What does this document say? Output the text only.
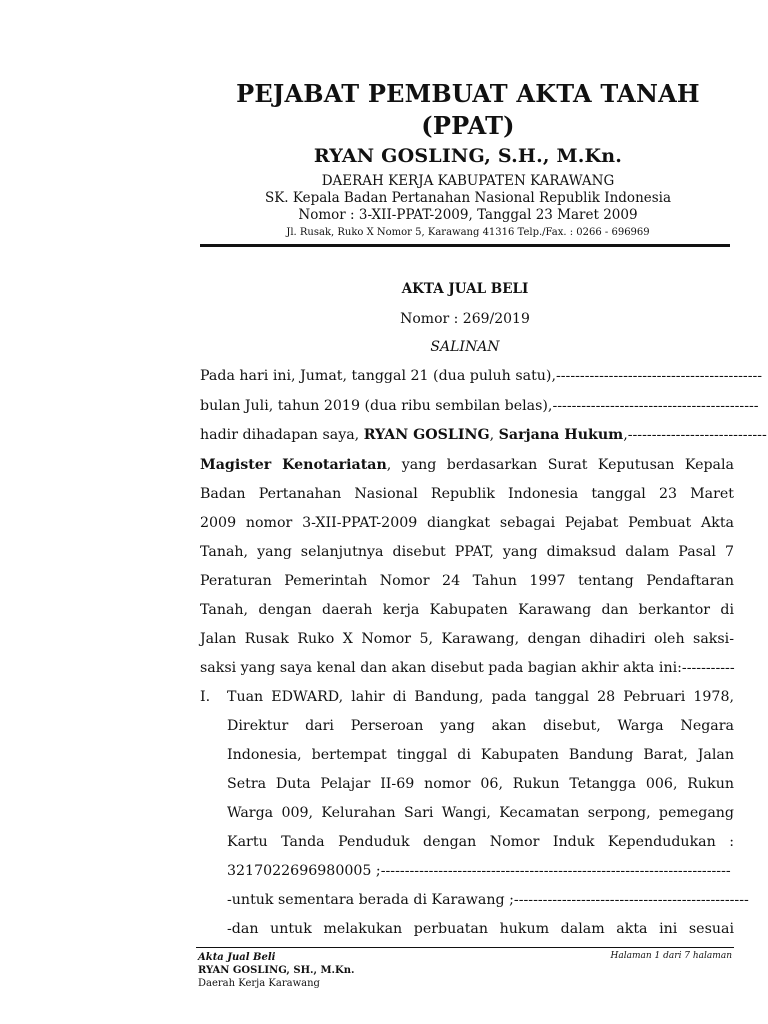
PEJABAT PEMBUAT AKTA TANAH
(PPAT)
RYAN GOSLING, S.H., M.Kn.
DAERAH KERJA KABUPATEN KARAWANG
SK. Kepala Badan Pertanahan Nasional Republik Indonesia
Nomor : 3-XII-PPAT-2009, Tanggal 23 Maret 2009
Jl. Rusak, Ruko X Nomor 5, Karawang 41316 Telp./Fax. : 0266 - 696969
AKTA JUAL BELI
Nomor : 269/2019
SALINAN
Pada hari ini, Jumat, tanggal 21 (dua puluh satu), -------------------------------------------
bulan Juli, tahun 2019 (dua ribu sembilan belas), -------------------------------------------
hadir dihadapan saya, RYAN GOSLING, Sarjana Hukum, -----------------------------
Magister Kenotariatan, yang berdasarkan Surat Keputusan Kepala
Badan Pertanahan Nasional Republik Indonesia tanggal 23 Maret
2009 nomor 3-XII-PPAT-2009 diangkat sebagai Pejabat Pembuat Akta
Tanah, yang selanjutnya disebut PPAT, yang dimaksud dalam Pasal 7
Peraturan Pemerintah Nomor 24 Tahun 1997 tentang Pendaftaran
Tanah, dengan daerah kerja Kabupaten Karawang dan berkantor di
Jalan Rusak Ruko X Nomor 5, Karawang, dengan dihadiri oleh saksi-
saksi yang saya kenal dan akan disebut pada bagian akhir akta ini: -----------
I.	Tuan EDWARD, lahir di Bandung, pada tanggal 28 Pebruari 1978,
Direktur dari Perseroan yang akan disebut, Warga Negara
Indonesia, bertempat tinggal di Kabupaten Bandung Barat, Jalan
Setra Duta Pelajar II-69 nomor 06, Rukun Tetangga 006, Rukun
Warga 009, Kelurahan Sari Wangi, Kecamatan serpong, pemegang
Kartu Tanda Penduduk dengan Nomor Induk Kependudukan :
3217022696980005 ; -------------------------------------------------------------------------
-untuk sementara berada di Karawang ; -------------------------------------------------
-dan untuk melakukan perbuatan hukum dalam akta ini sesuai
Akta Jual Beli
RYAN GOSLING, SH., M.Kn.
Daerah Kerja Karawang
Halaman 1 dari 7 halaman
